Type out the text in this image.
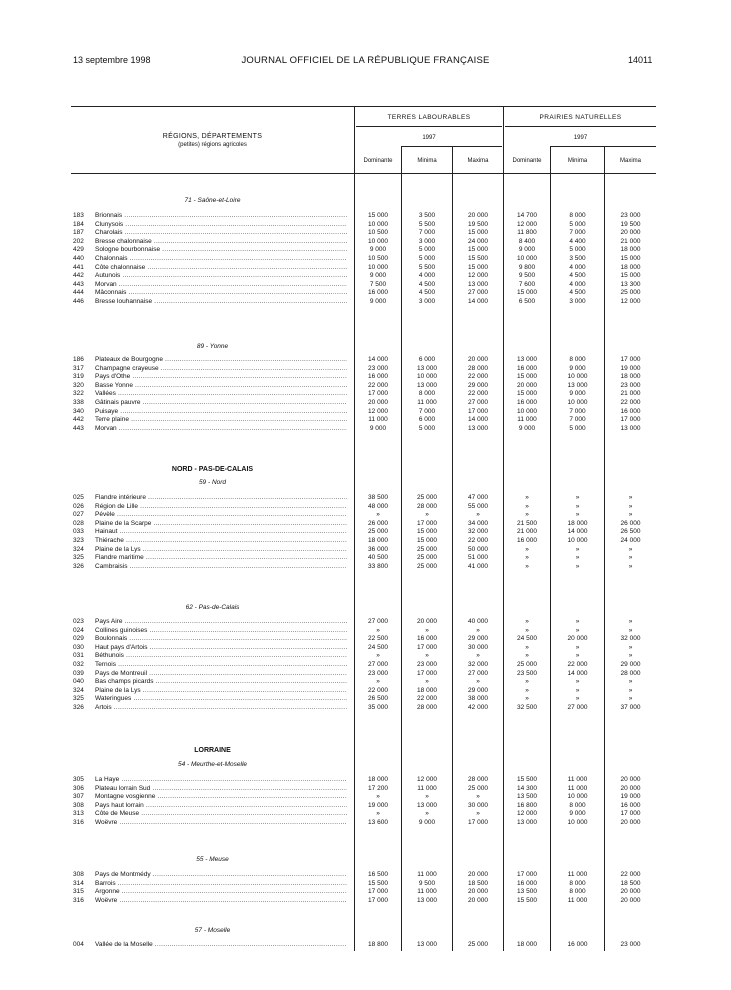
13 septembre 1998	JOURNAL OFFICIEL DE LA RÉPUBLIQUE FRANÇAISE	14011
RÉGIONS, DÉPARTEMENTS
(petites) régions agricoles
TERRES LABOURABLES	PRAIRIES NATURELLES
1997	1997
Dominante	Minima	Maxima	Dominante	Minima	Maxima
71 - Saône-et-Loire
183	Brionnais .....	15 000	3 500	20 000	14 700	8 000	23 000
184	Clunysois .....	10 000	5 500	19 500	12 000	5 000	19 500
187	Charolais .....	10 500	7 000	15 000	11 800	7 000	20 000
202	Bresse chalonnaise .....	10 000	3 000	24 000	8 400	4 400	21 000
429	Sologne bourbonnaise .....	9 000	5 000	15 000	9 000	5 000	18 000
440	Chalonnais .....	10 500	5 000	15 500	10 000	3 500	15 000
441	Côte chalonnaise .....	10 000	5 500	15 000	9 800	4 000	18 000
442	Autunois .....	9 000	4 000	12 000	9 500	4 500	15 000
443	Morvan .....	7 500	4 500	13 000	7 600	4 000	13 300
444	Mâconnais .....	16 000	4 500	27 000	15 000	4 500	25 000
446	Bresse louhannaise .....	9 000	3 000	14 000	6 500	3 000	12 000
89 - Yonne
186	Plateaux de Bourgogne .....	14 000	6 000	20 000	13 000	8 000	17 000
317	Champagne crayeuse .....	23 000	13 000	28 000	16 000	9 000	19 000
319	Pays d'Othe .....	16 000	10 000	22 000	15 000	10 000	18 000
320	Basse Yonne .....	22 000	13 000	29 000	20 000	13 000	23 000
322	Vallées .....	17 000	8 000	22 000	15 000	9 000	21 000
338	Gâtinais pauvre .....	20 000	11 000	27 000	16 000	10 000	22 000
340	Puisaye .....	12 000	7 000	17 000	10 000	7 000	16 000
442	Terre plaine .....	11 000	6 000	14 000	11 000	7 000	17 000
443	Morvan .....	9 000	5 000	13 000	9 000	5 000	13 000
NORD - PAS-DE-CALAIS
59 - Nord
025	Flandre intérieure .....	38 500	25 000	47 000	»	»	»
026	Région de Lille .....	48 000	28 000	55 000	»	»	»
027	Pévèle .....	»	»	»	»	»	»
028	Plaine de la Scarpe .....	26 000	17 000	34 000	21 500	18 000	26 000
033	Hainaut .....	25 000	15 000	32 000	21 000	14 000	26 500
323	Thiérache .....	18 000	15 000	22 000	16 000	10 000	24 000
324	Plaine de la Lys .....	36 000	25 000	50 000	»	»	»
325	Flandre maritime .....	40 500	25 000	51 000	»	»	»
326	Cambraisis .....	33 800	25 000	41 000	»	»	»
62 - Pas-de-Calais
023	Pays Aire .....	27 000	20 000	40 000	»	»	»
024	Collines guinoises .....	»	»	»	»	»	»
029	Boulonnais .....	22 500	16 000	29 000	24 500	20 000	32 000
030	Haut pays d'Artois .....	24 500	17 000	30 000	»	»	»
031	Béthunois .....	»	»	»	»	»	»
032	Ternois .....	27 000	23 000	32 000	25 000	22 000	29 000
039	Pays de Montreuil .....	23 000	17 000	27 000	23 500	14 000	28 000
040	Bas champs picards .....	»	»	»	»	»	»
324	Plaine de la Lys .....	22 000	18 000	29 000	»	»	»
325	Wateringues .....	26 500	22 000	38 000	»	»	»
326	Artois .....	35 000	28 000	42 000	32 500	27 000	37 000
LORRAINE
54 - Meurthe-et-Moselle
305	La Haye .....	18 000	12 000	28 000	15 500	11 000	20 000
306	Plateau lorrain Sud .....	17 200	11 000	25 000	14 300	11 000	20 000
307	Montagne vosgienne .....	»	»	»	13 500	10 000	19 000
308	Pays haut lorrain .....	19 000	13 000	30 000	16 800	8 000	16 000
313	Côte de Meuse .....	»	»	»	12 000	9 000	17 000
316	Woëvre .....	13 600	9 000	17 000	13 000	10 000	20 000
55 - Meuse
308	Pays de Montmédy .....	16 500	11 000	20 000	17 000	11 000	22 000
314	Barrois .....	15 500	9 500	18 500	16 000	8 000	18 500
315	Argonne .....	17 000	11 000	20 000	13 500	8 000	20 000
316	Woëvre .....	17 000	13 000	20 000	15 500	11 000	20 000
57 - Moselle
004	Vallée de la Moselle .....	18 800	13 000	25 000	18 000	16 000	23 000
